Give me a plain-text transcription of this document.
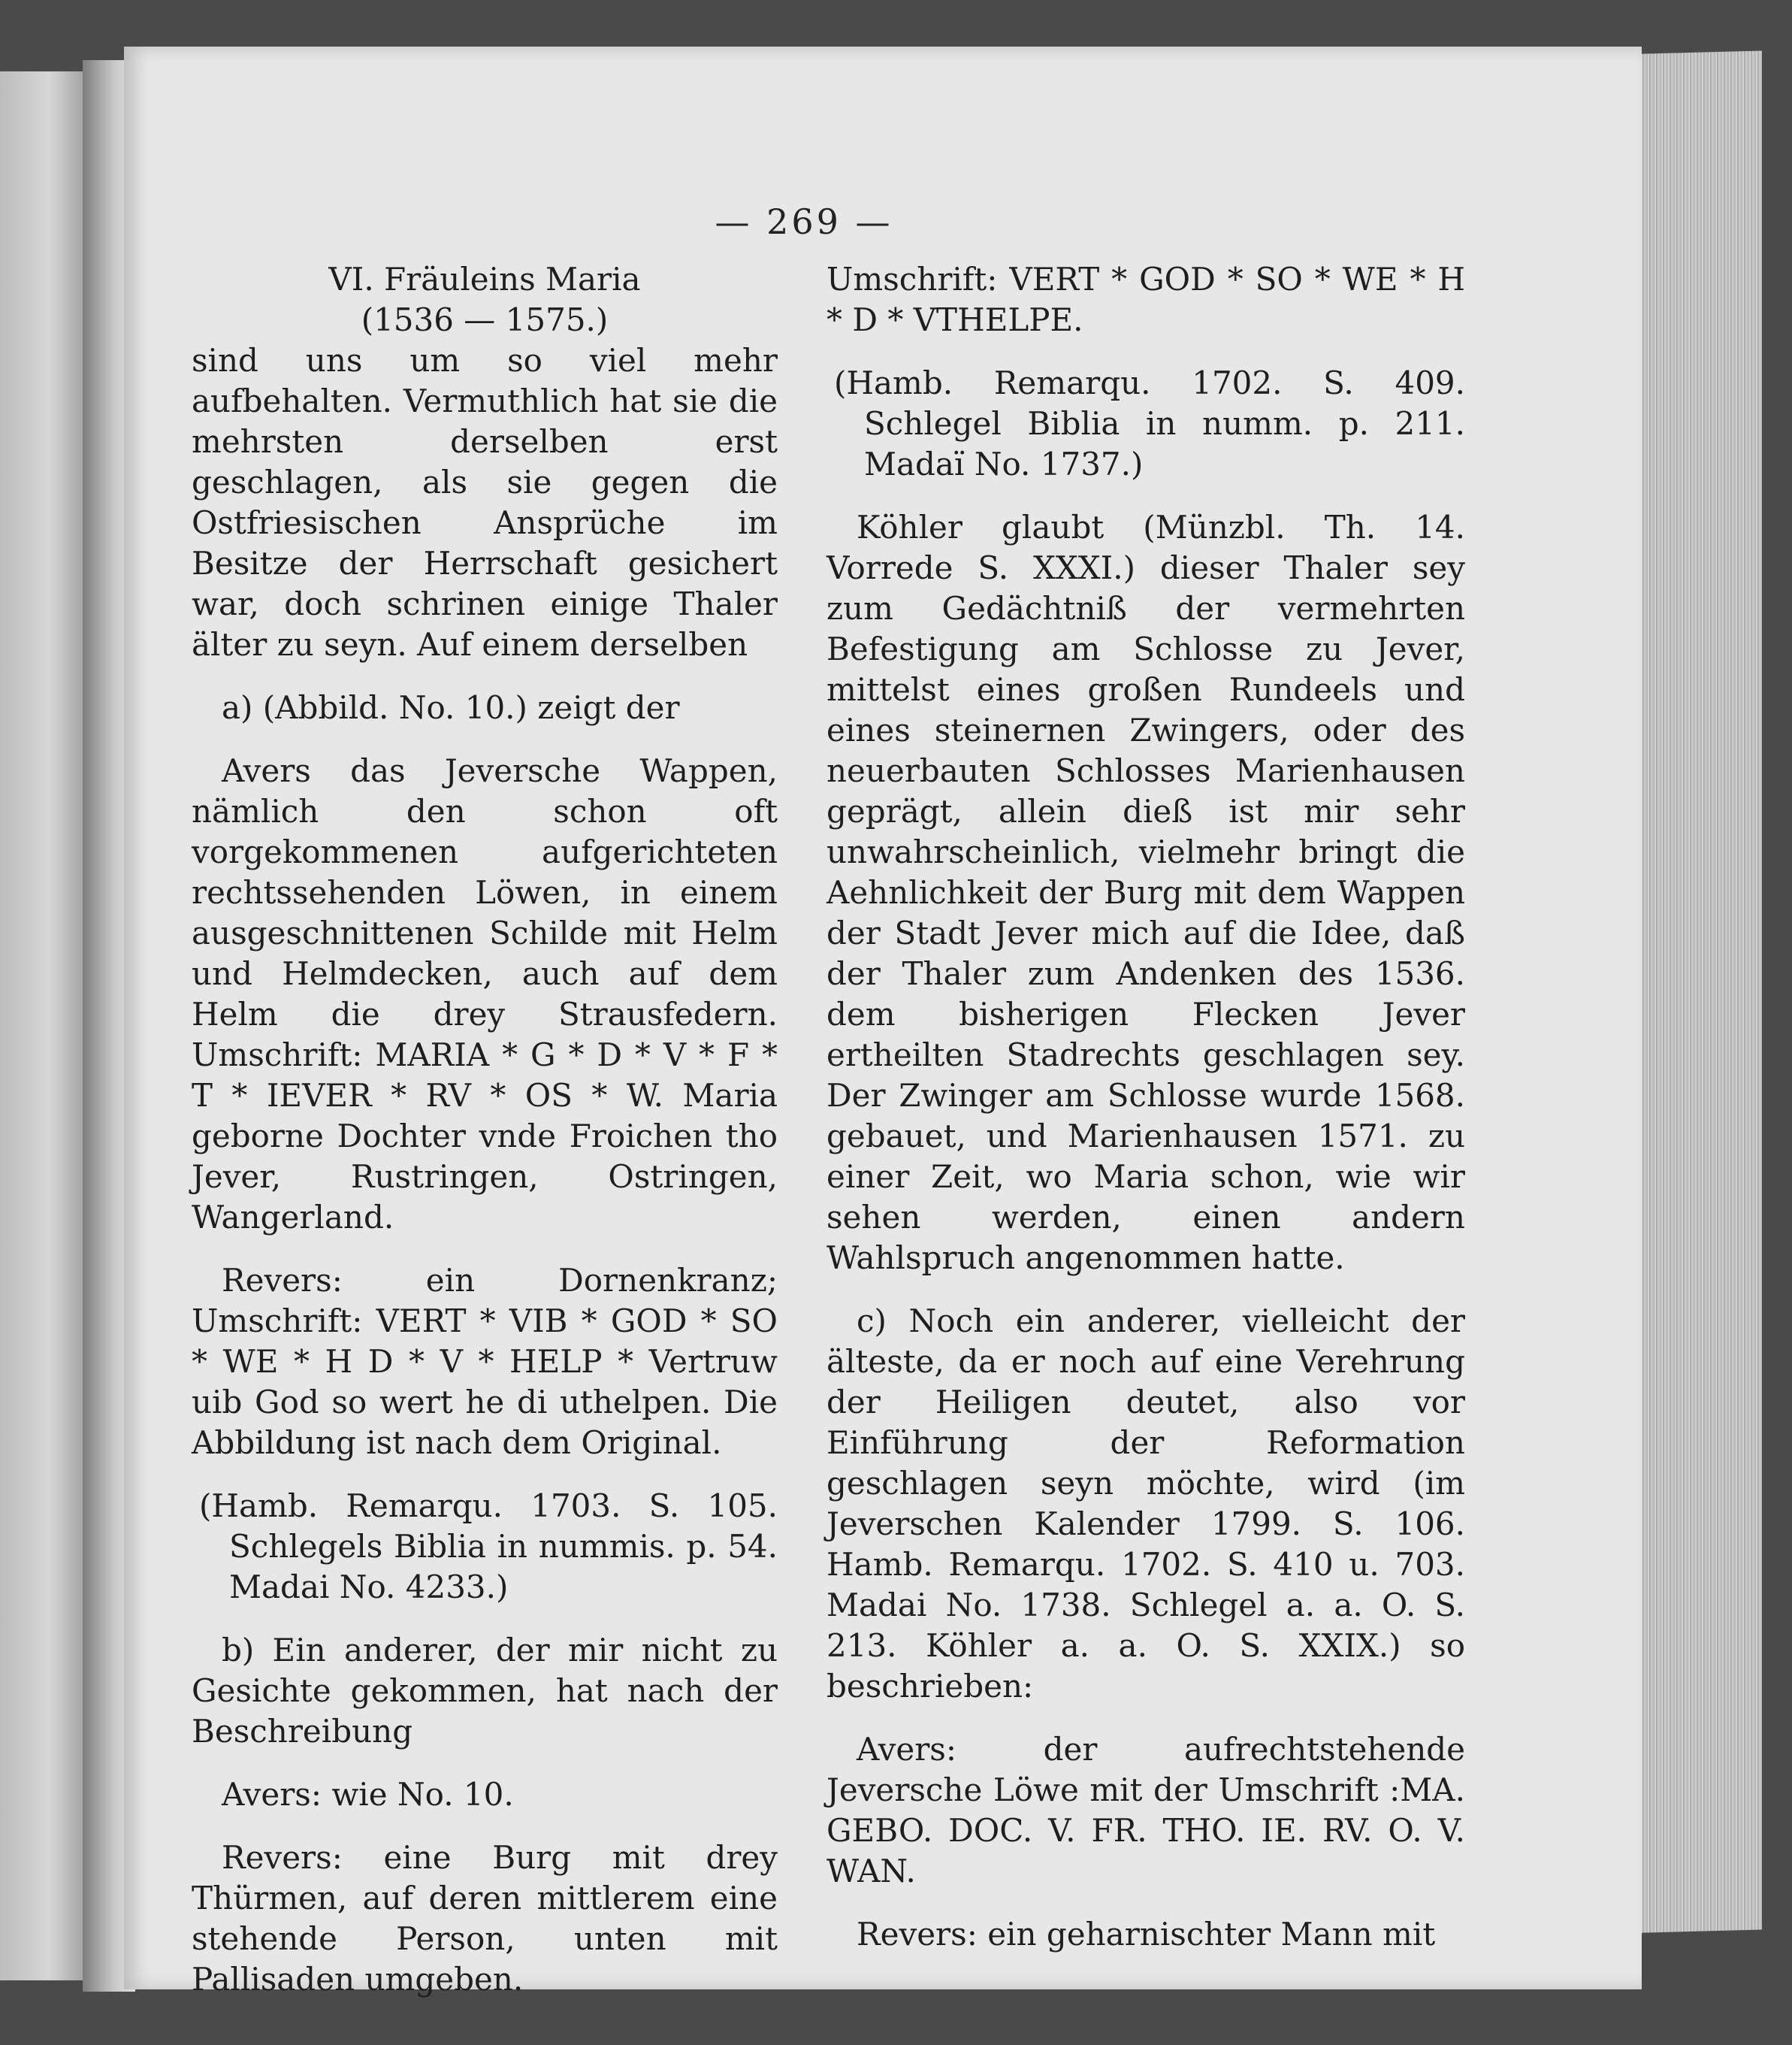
— 269 —

VI. Fräuleins Maria

(1536 — 1575.)

sind uns um so viel mehr aufbehalten. Vermuthlich hat sie die mehrsten derselben erst geschlagen, als sie gegen die Ostfriesischen Ansprüche im Besitze der Herrschaft gesichert war, doch schrinen einige Thaler älter zu seyn. Auf einem derselben

a) (Abbild. No. 10.) zeigt der

Avers das Jeversche Wappen, nämlich den schon oft vorgekommenen aufgerichteten rechtssehenden Löwen, in einem ausgeschnittenen Schilde mit Helm und Helmdecken, auch auf dem Helm die drey Strausfedern. Umschrift: MARIA * G * D * V * F * T * IEVER * RV * OS * W. Maria geborne Dochter vnde Froichen tho Jever, Rustringen, Ostringen, Wangerland.

Revers: ein Dornenkranz; Umschrift: VERT * VIB * GOD * SO * WE * H D * V * HELP * Vertruw uib God so wert he di uthelpen. Die Abbildung ist nach dem Original.

(Hamb. Remarqu. 1703. S. 105. Schlegels Biblia in nummis. p. 54. Madai No. 4233.)

b) Ein anderer, der mir nicht zu Gesichte gekommen, hat nach der Beschreibung

Avers: wie No. 10.

Revers: eine Burg mit drey Thürmen, auf deren mittlerem eine stehende Person, unten mit Pallisaden umgeben.

Umschrift: VERT * GOD * SO * WE * H * D * VTHELPE.

(Hamb. Remarqu. 1702. S. 409. Schlegel Biblia in numm. p. 211. Madaï No. 1737.)

Köhler glaubt (Münzbl. Th. 14. Vorrede S. XXXI.) dieser Thaler sey zum Gedächtniß der vermehrten Befestigung am Schlosse zu Jever, mittelst eines großen Rundeels und eines steinernen Zwingers, oder des neuerbauten Schlosses Marienhausen geprägt, allein dieß ist mir sehr unwahrscheinlich, vielmehr bringt die Aehnlichkeit der Burg mit dem Wappen der Stadt Jever mich auf die Idee, daß der Thaler zum Andenken des 1536. dem bisherigen Flecken Jever ertheilten Stadrechts geschlagen sey. Der Zwinger am Schlosse wurde 1568. gebauet, und Marienhausen 1571. zu einer Zeit, wo Maria schon, wie wir sehen werden, einen andern Wahlspruch angenommen hatte.

c) Noch ein anderer, vielleicht der älteste, da er noch auf eine Verehrung der Heiligen deutet, also vor Einführung der Reformation geschlagen seyn möchte, wird (im Jeverschen Kalender 1799. S. 106. Hamb. Remarqu. 1702. S. 410 u. 703. Madai No. 1738. Schlegel a. a. O. S. 213. Köhler a. a. O. S. XXIX.) so beschrieben:

Avers: der aufrechtstehende Jeversche Löwe mit der Umschrift :MA. GEBO. DOC. V. FR. THO. IE. RV. O. V. WAN.

Revers: ein geharnischter Mann mit
